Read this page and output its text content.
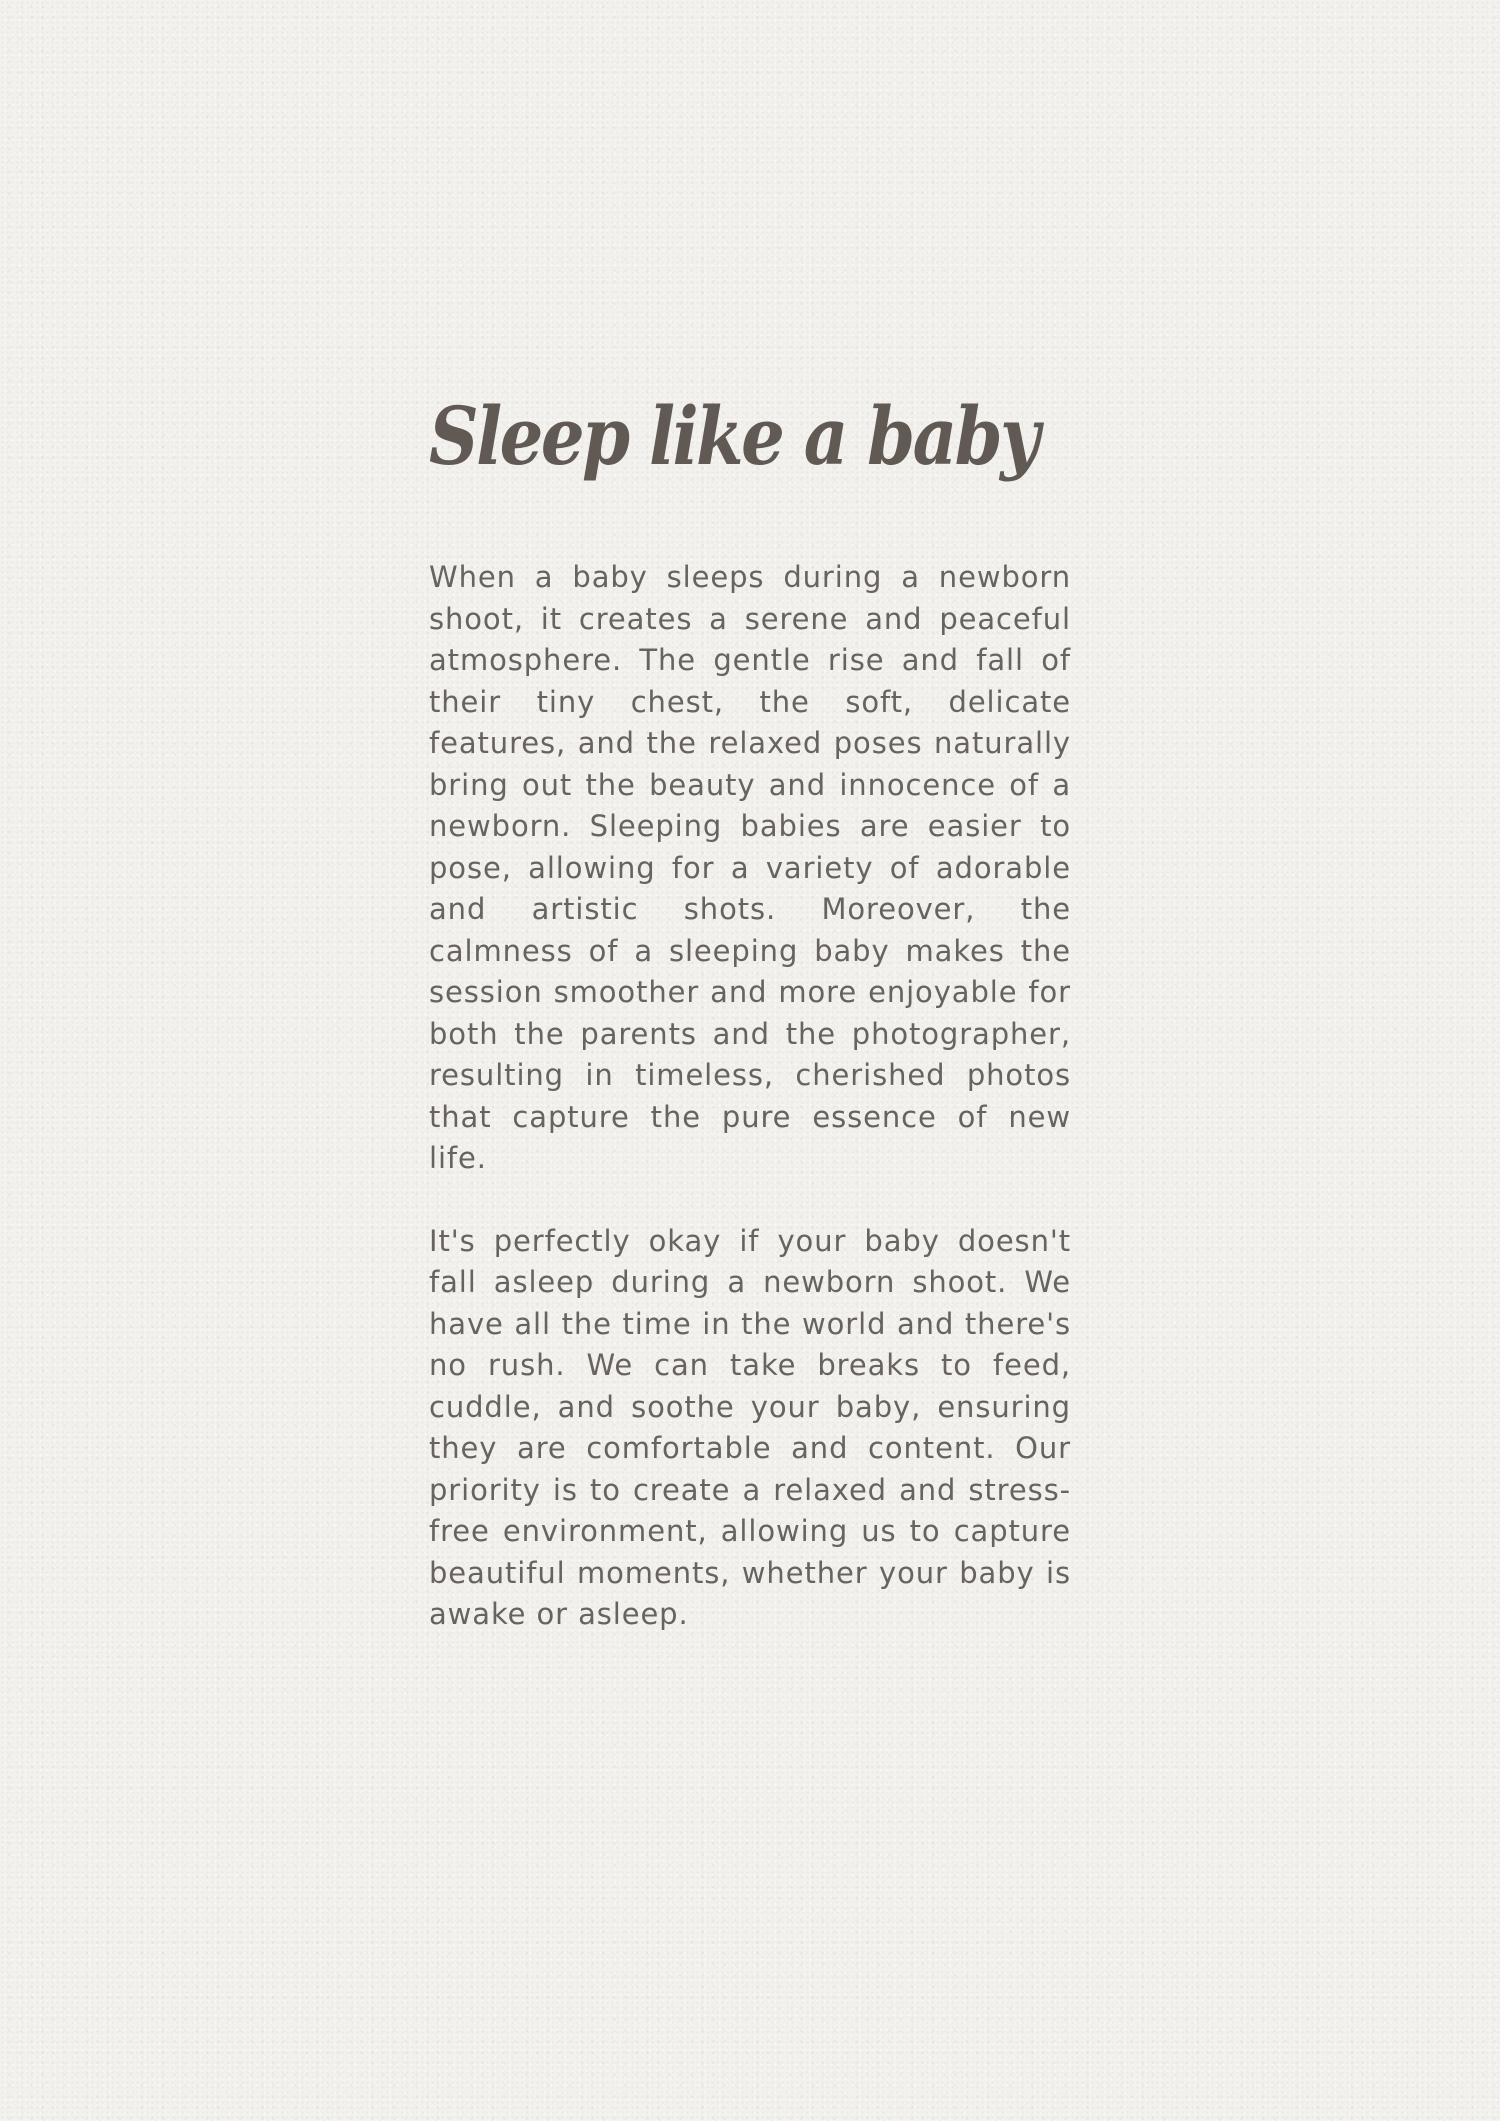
Sleep like a baby

When a baby sleeps during a newborn shoot, it creates a serene and peaceful atmosphere. The gentle rise and fall of their tiny chest, the soft, delicate features, and the relaxed poses naturally bring out the beauty and innocence of a newborn. Sleeping babies are easier to pose, allowing for a variety of adorable and artistic shots. Moreover, the calmness of a sleeping baby makes the session smoother and more enjoyable for both the parents and the photographer, resulting in timeless, cherished photos that capture the pure essence of new life.

It's perfectly okay if your baby doesn't fall asleep during a newborn shoot. We have all the time in the world and there's no rush. We can take breaks to feed, cuddle, and soothe your baby, ensuring they are comfortable and content. Our priority is to create a relaxed and stress-free environment, allowing us to capture beautiful moments, whether your baby is awake or asleep.
